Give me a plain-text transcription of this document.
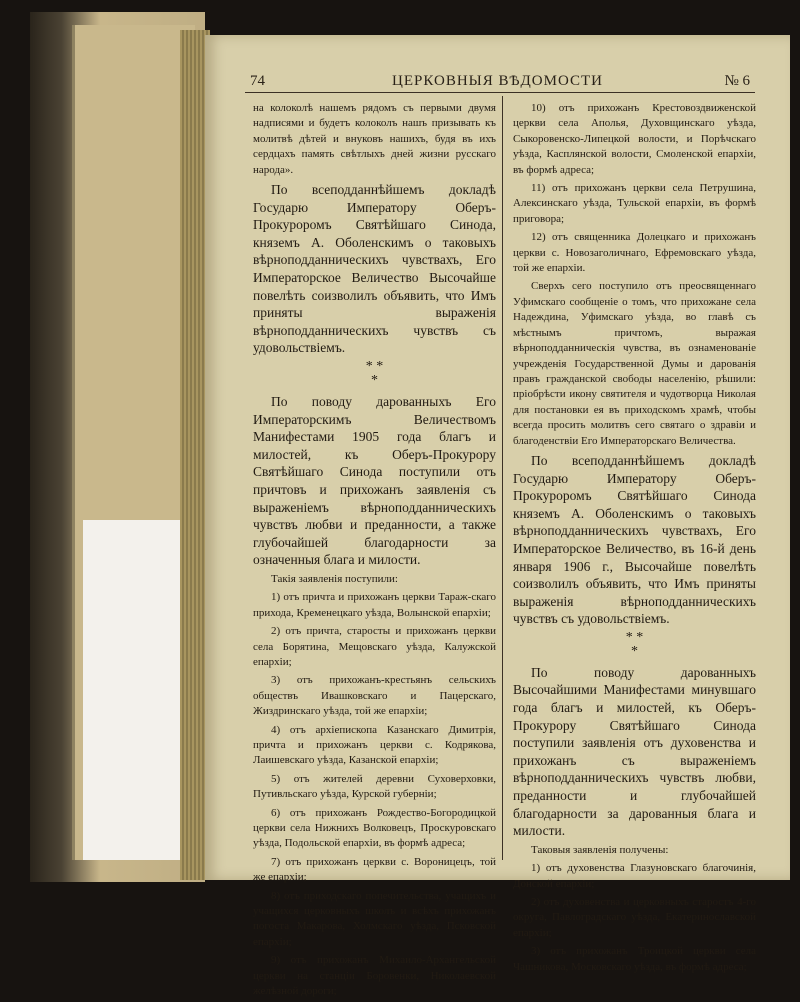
74	ЦЕРКОВНЫЯ ВѢДОМОСТИ	№ 6

на колоколѣ нашемъ рядомъ съ первыми двумя надписями и будетъ колоколъ нашъ призывать къ молитвѣ дѣтей и внуковъ нашихъ, будя въ ихъ сердцахъ память свѣтлыхъ дней жизни русскаго народа».

По всеподданнѣйшемъ докладѣ Государю Императору Оберъ-Прокуроромъ Святѣйшаго Синода, княземъ А. Оболенскимъ о таковыхъ вѣрноподданническихъ чувствахъ, Его Императорское Величество Высочайше повелѣть соизволилъ объявить, что Имъ приняты выраженія вѣрноподданническихъ чувствъ съ удовольствіемъ.

* *
*

По поводу дарованныхъ Его Императорскимъ Величествомъ Манифестами 1905 года благъ и милостей, къ Оберъ-Прокурору Святѣйшаго Синода поступили отъ причтовъ и прихожанъ заявленія съ выраженіемъ вѣрноподданническихъ чувствъ любви и преданности, а также глубочайшей благодарности за означенныя блага и милости.

Такія заявленія поступили:

1) отъ причта и прихожанъ церкви Тараж-скаго прихода, Кременецкаго уѣзда, Волынской епархіи;

2) отъ причта, старосты и прихожанъ церкви села Борятина, Мещовскаго уѣзда, Калужской епархіи;

3) отъ прихожанъ-крестьянъ сельскихъ обществъ Ивашковскаго и Пацерскаго, Жиздринскаго уѣзда, той же епархіи;

4) отъ архіепископа Казанскаго Димитрія, причта и прихожанъ церкви с. Кодрякова, Лаишевскаго уѣзда, Казанской епархіи;

5) отъ жителей деревни Суховерховки, Путивльскаго уѣзда, Курской губерніи;

6) отъ прихожанъ Рождество-Богородицкой церкви села Нижнихъ Волковецъ, Проскуровскаго уѣзда, Подольской епархіи, въ формѣ адреса;

7) отъ прихожанъ церкви с. Вороницецъ, той же епархіи;

8) отъ приходскаго попечительства, учащихъ и учащихся церковныхъ школъ и всѣхъ прихожанъ погоста Макарова, Холмскаго уѣзда, Псковской епархіи;

9) отъ прихожанъ Михаило-Архангельской церкви на станціи Боровенки, Николаевской желѣзной дороги;

10) отъ прихожанъ Крестовоздвиженской церкви села Аполья, Духовщинскаго уѣзда, Сыкоровенско-Липецкой волости, и Порѣчскаго уѣзда, Касплянской волости, Смоленской епархіи, въ формѣ адреса;

11) отъ прихожанъ церкви села Петрушина, Алексинскаго уѣзда, Тульской епархіи, въ формѣ приговора;

12) отъ священника Долецкаго и прихожанъ церкви с. Новозаголичнаго, Ефремовскаго уѣзда, той же епархіи.

Сверхъ сего поступило отъ преосвященнаго Уфимскаго сообщеніе о томъ, что прихожане села Надеждина, Уфимскаго уѣзда, во главѣ съ мѣстнымъ причтомъ, выражая вѣрноподданническія чувства, въ ознаменованіе учрежденія Государственной Думы и дарованія правъ гражданской свободы населенію, рѣшили: пріобрѣсти икону святителя и чудотворца Николая для постановки ея въ приходскомъ храмѣ, чтобы всегда просить молитвъ сего святаго о здравіи и благоденствіи Его Императорскаго Величества.

По всеподданнѣйшемъ докладѣ Государю Императору Оберъ-Прокуроромъ Святѣйшаго Синода княземъ А. Оболенскимъ о таковыхъ вѣрноподданническихъ чувствахъ, Его Императорское Величество, въ 16-й день января 1906 г., Высочайше повелѣть соизволилъ объявить, что Имъ приняты выраженія вѣрноподданническихъ чувствъ съ удовольствіемъ.

* *
*

По поводу дарованныхъ Высочайшими Манифестами минувшаго года благъ и милостей, къ Оберъ-Прокурору Святѣйшаго Синода поступили заявленія отъ духовенства и прихожанъ съ выраженіемъ вѣрноподданническихъ чувствъ любви, преданности и глубочайшей благодарности за дарованныя блага и милости.

Таковыя заявленія получены:

1) отъ духовенства Глазуновскаго благочинія, Донской епархіи;

2) отъ духовенства и церковныхъ старостъ 4-го округа, Павлоградскаго уѣзда, Екатеринославской епархіи;

3) отъ прихожанъ Троицкой церкви села Чашникова, Московскаго уѣзда, въ формѣ адреса;
